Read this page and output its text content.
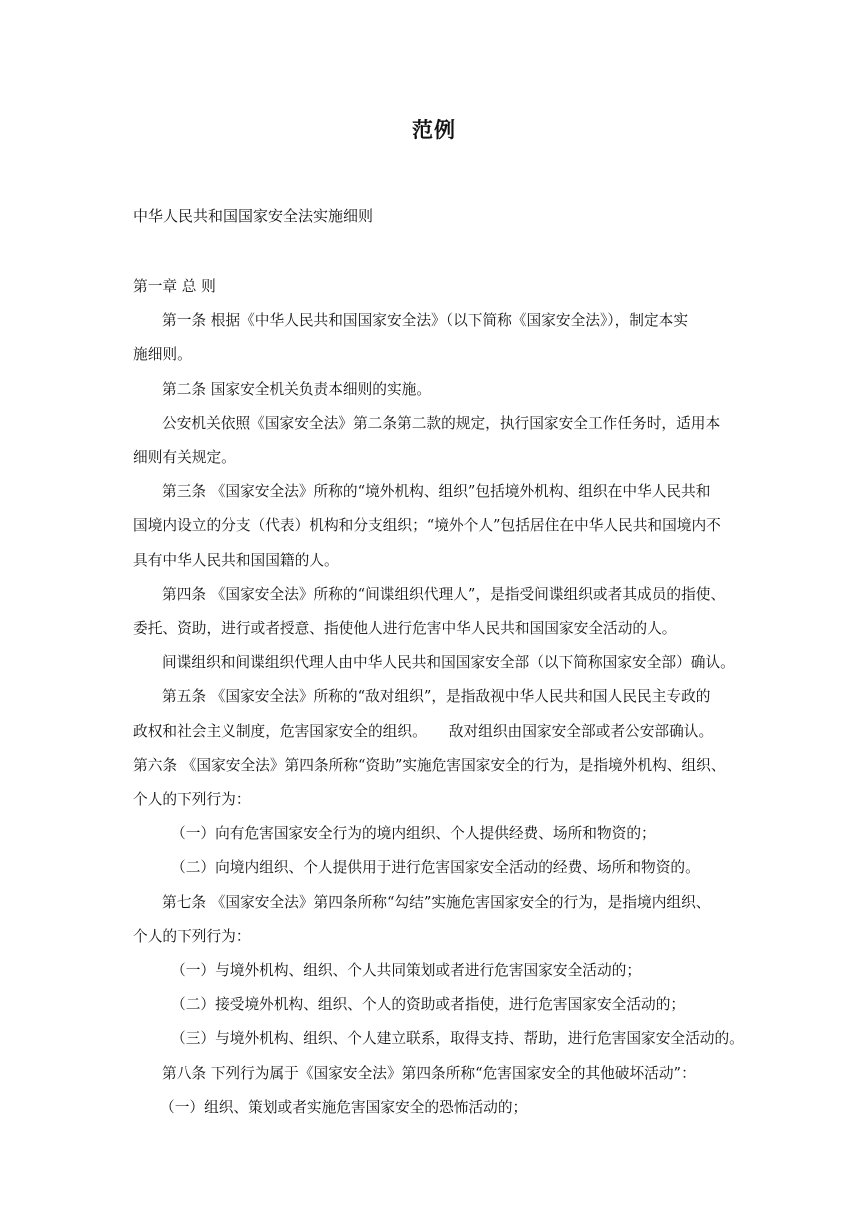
范例
中华人民共和国国家安全法实施细则

第一章 总 则

第一条 根据《中华人民共和国国家安全法》（以下简称《国家安全法》），制定本实

施细则。

第二条 国家安全机关负责本细则的实施。

公安机关依照《国家安全法》第二条第二款的规定，执行国家安全工作任务时，适用本

细则有关规定。

第三条 《国家安全法》所称的“境外机构、组织”包括境外机构、组织在中华人民共和

国境内设立的分支（代表）机构和分支组织；“境外个人”包括居住在中华人民共和国境内不

具有中华人民共和国国籍的人。

第四条 《国家安全法》所称的“间谍组织代理人”，是指受间谍组织或者其成员的指使、

委托、资助，进行或者授意、指使他人进行危害中华人民共和国国家安全活动的人。

间谍组织和间谍组织代理人由中华人民共和国国家安全部（以下简称国家安全部）确认。

第五条 《国家安全法》所称的“敌对组织”，是指敌视中华人民共和国人民民主专政的

政权和社会主义制度，危害国家安全的组织。　　敌对组织由国家安全部或者公安部确认。

第六条 《国家安全法》第四条所称“资助”实施危害国家安全的行为，是指境外机构、组织、

个人的下列行为：

（一）向有危害国家安全行为的境内组织、个人提供经费、场所和物资的；

（二）向境内组织、个人提供用于进行危害国家安全活动的经费、场所和物资的。

第七条 《国家安全法》第四条所称“勾结”实施危害国家安全的行为，是指境内组织、

个人的下列行为：

（一）与境外机构、组织、个人共同策划或者进行危害国家安全活动的；

（二）接受境外机构、组织、个人的资助或者指使，进行危害国家安全活动的；

（三）与境外机构、组织、个人建立联系，取得支持、帮助，进行危害国家安全活动的。

第八条 下列行为属于《国家安全法》第四条所称“危害国家安全的其他破坏活动”：

（一）组织、策划或者实施危害国家安全的恐怖活动的；
